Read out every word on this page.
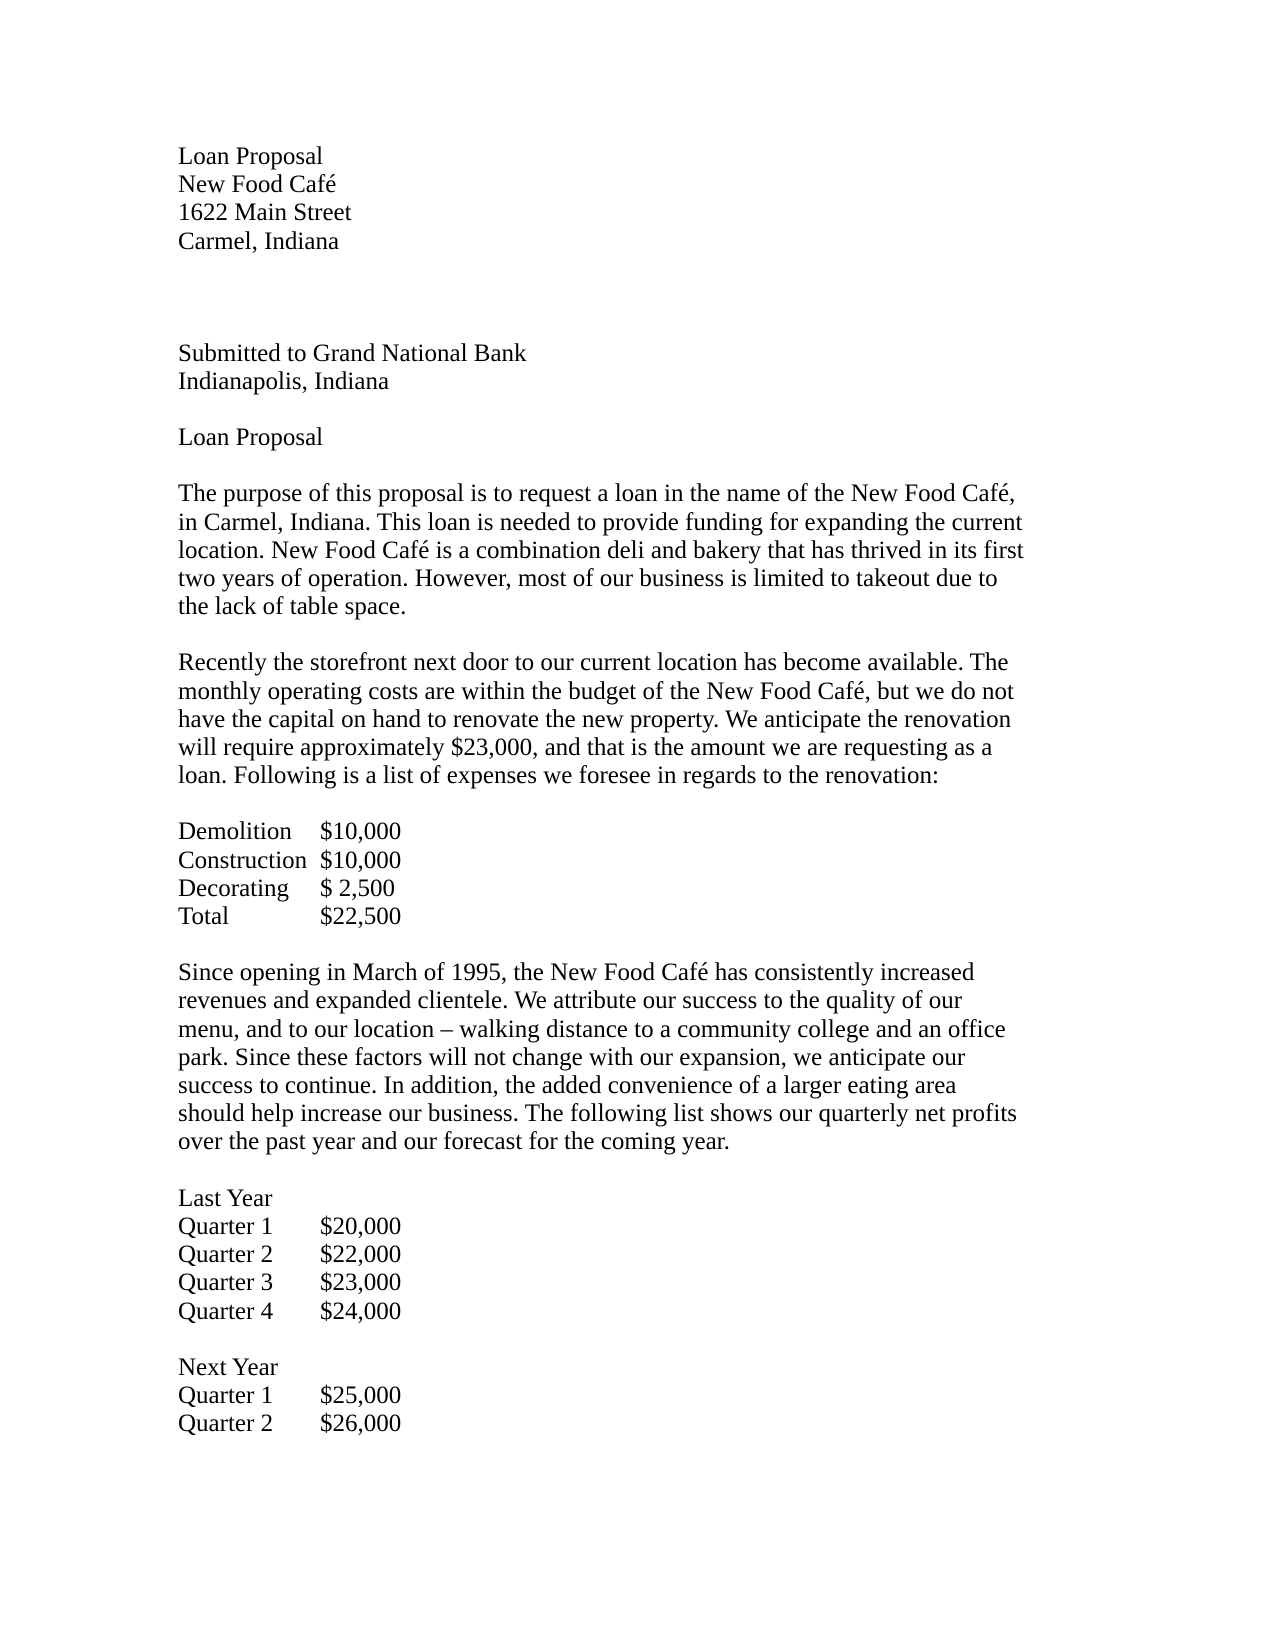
Loan Proposal
New Food Café
1622 Main Street
Carmel, Indiana
Submitted to Grand National Bank
Indianapolis, Indiana
Loan Proposal

The purpose of this proposal is to request a loan in the name of the New Food Café, in Carmel, Indiana. This loan is needed to provide funding for expanding the current location. New Food Café is a combination deli and bakery that has thrived in its first two years of operation. However, most of our business is limited to takeout due to the lack of table space.

Recently the storefront next door to our current location has become available. The monthly operating costs are within the budget of the New Food Café, but we do not have the capital on hand to renovate the new property. We anticipate the renovation will require approximately $23,000, and that is the amount we are requesting as a loan. Following is a list of expenses we foresee in regards to the renovation:

Demolition	$10,000
Construction	$10,000
Decorating	$ 2,500
Total	$22,500

Since opening in March of 1995, the New Food Café has consistently increased revenues and expanded clientele. We attribute our success to the quality of our menu, and to our location – walking distance to a community college and an office park. Since these factors will not change with our expansion, we anticipate our success to continue. In addition, the added convenience of a larger eating area should help increase our business. The following list shows our quarterly net profits over the past year and our forecast for the coming year.

Last Year
Quarter 1	$20,000
Quarter 2	$22,000
Quarter 3	$23,000
Quarter 4	$24,000
Next Year
Quarter 1	$25,000
Quarter 2	$26,000
